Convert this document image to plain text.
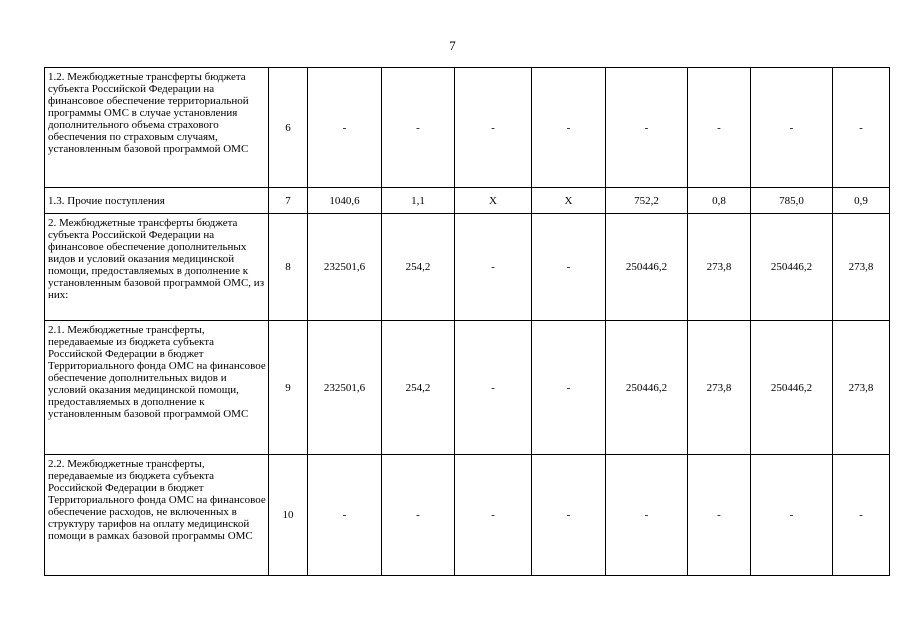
7
1.2. Межбюджетные трансферты бюджета субъекта Российской Федерации на финансовое обеспечение территориальной программы ОМС в случае установления дополнительного объема страхового обеспечения по страховым случаям, установленным базовой программой ОМС	6	-	-	-	-	-	-	-	-
1.3. Прочие поступления	7	1040,6	1,1	X	X	752,2	0,8	785,0	0,9
2. Межбюджетные трансферты бюджета субъекта Российской Федерации на финансовое обеспечение дополнительных видов и условий оказания медицинской помощи, предоставляемых в дополнение к установленным базовой программой ОМС, из них:	8	232501,6	254,2	-	-	250446,2	273,8	250446,2	273,8
2.1. Межбюджетные трансферты, передаваемые из бюджета субъекта Российской Федерации в бюджет Территориального фонда ОМС на финансовое обеспечение дополнительных видов и условий оказания медицинской помощи, предоставляемых в дополнение к установленным базовой программой ОМС	9	232501,6	254,2	-	-	250446,2	273,8	250446,2	273,8
2.2. Межбюджетные трансферты, передаваемые из бюджета субъекта Российской Федерации в бюджет Территориального фонда ОМС на финансовое обеспечение расходов, не включенных в структуру тарифов на оплату медицинской помощи в рамках базовой программы ОМС	10	-	-	-	-	-	-	-	-
